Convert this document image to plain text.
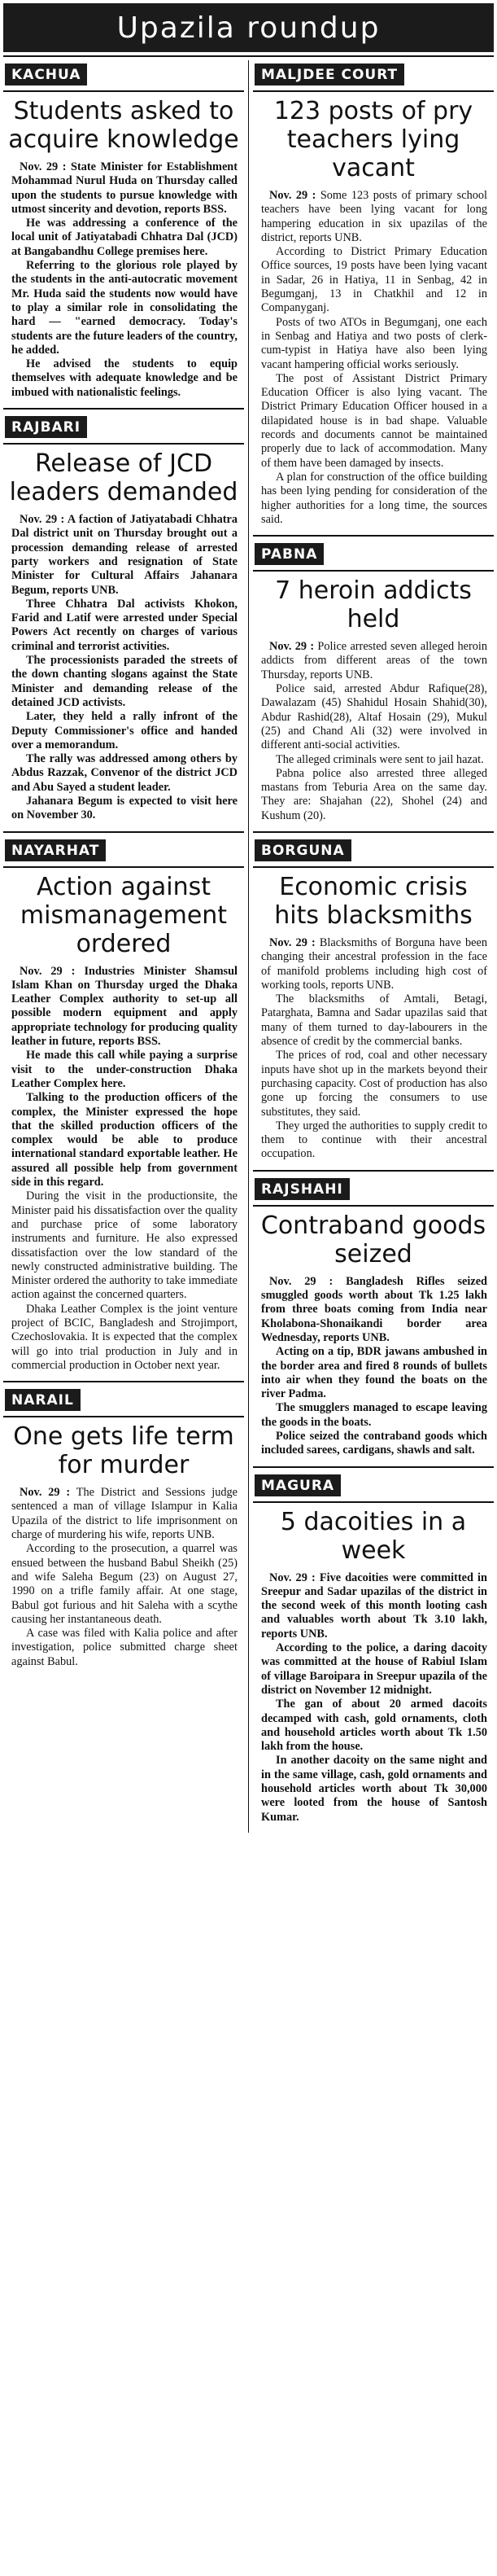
Upazila roundup
KACHUA
Students asked to acquire knowledge

Nov. 29 : State Minister for Establishment Mohammad Nurul Huda on Thursday called upon the students to pursue knowledge with utmost sincerity and devotion, reports BSS.

He was addressing a conference of the local unit of Jatiyatabadi Chhatra Dal (JCD) at Bangabandhu College premises here.

Referring to the glorious role played by the students in the anti-autocratic movement Mr. Huda said the students now would have to play a similar role in consolidating the hard — "earned democracy. Today's students are the future leaders of the country, he added.

He advised the students to equip themselves with adequate knowledge and be imbued with nationalistic feelings.

RAJBARI
Release of JCD leaders demanded

Nov. 29 : A faction of Jatiyatabadi Chhatra Dal district unit on Thursday brought out a procession demanding release of arrested party workers and resignation of State Minister for Cultural Affairs Jahanara Begum, reports UNB.

Three Chhatra Dal activists Khokon, Farid and Latif were arrested under Special Powers Act recently on charges of various criminal and terrorist activities.

The processionists paraded the streets of the down chanting slogans against the State Minister and demanding release of the detained JCD activists.

Later, they held a rally infront of the Deputy Commissioner's office and handed over a memorandum.

The rally was addressed among others by Abdus Razzak, Convenor of the district JCD and Abu Sayed a student leader.

Jahanara Begum is expected to visit here on November 30.

NAYARHAT
Action against mismanagement ordered

Nov. 29 : Industries Minister Shamsul Islam Khan on Thursday urged the Dhaka Leather Complex authority to set-up all possible modern equipment and apply appropriate technology for producing quality leather in future, reports BSS.

He made this call while paying a surprise visit to the under-construction Dhaka Leather Complex here.

Talking to the production officers of the complex, the Minister expressed the hope that the skilled production officers of the complex would be able to produce international standard exportable leather. He assured all possible help from government side in this regard.

During the visit in the productionsite, the Minister paid his dissatisfaction over the quality and purchase price of some laboratory instruments and furniture. He also expressed dissatisfaction over the low standard of the newly constructed administrative building. The Minister ordered the authority to take immediate action against the concerned quarters.

Dhaka Leather Complex is the joint venture project of BCIC, Bangladesh and Strojimport, Czechoslovakia. It is expected that the complex will go into trial production in July and in commercial production in October next year.

NARAIL
One gets life term for murder

Nov. 29 : The District and Sessions judge sentenced a man of village Islampur in Kalia Upazila of the district to life imprisonment on charge of murdering his wife, reports UNB.

According to the prosecution, a quarrel was ensued between the husband Babul Sheikh (25) and wife Saleha Begum (23) on August 27, 1990 on a trifle family affair. At one stage, Babul got furious and hit Saleha with a scythe causing her instantaneous death.

A case was filed with Kalia police and after investigation, police submitted charge sheet against Babul.

MALJDEE COURT
123 posts of pry teachers lying vacant

Nov. 29 : Some 123 posts of primary school teachers have been lying vacant for long hampering education in six upazilas of the district, reports UNB.

According to District Primary Education Office sources, 19 posts have been lying vacant in Sadar, 26 in Hatiya, 11 in Senbag, 42 in Begumganj, 13 in Chatkhil and 12 in Companyganj.

Posts of two ATOs in Begumganj, one each in Senbag and Hatiya and two posts of clerk-cum-typist in Hatiya have also been lying vacant hampering official works seriously.

The post of Assistant District Primary Education Officer is also lying vacant. The District Primary Education Officer housed in a dilapidated house is in bad shape. Valuable records and documents cannot be maintained properly due to lack of accommodation. Many of them have been damaged by insects.

A plan for construction of the office building has been lying pending for consideration of the higher authorities for a long time, the sources said.

PABNA
7 heroin addicts held

Nov. 29 : Police arrested seven alleged heroin addicts from different areas of the town Thursday, reports UNB.

Police said, arrested Abdur Rafique(28), Dawalazam (45) Shahidul Hosain Shahid(30), Abdur Rashid(28), Altaf Hosain (29), Mukul (25) and Chand Ali (32) were involved in different anti-social activities.

The alleged criminals were sent to jail hazat.

Pabna police also arrested three alleged mastans from Teburia Area on the same day. They are: Shajahan (22), Shohel (24) and Kushum (20).

BORGUNA
Economic crisis hits blacksmiths

Nov. 29 : Blacksmiths of Borguna have been changing their ancestral profession in the face of manifold problems including high cost of working tools, reports UNB.

The blacksmiths of Amtali, Betagi, Patarghata, Bamna and Sadar upazilas said that many of them turned to day-labourers in the absence of credit by the commercial banks.

The prices of rod, coal and other necessary inputs have shot up in the markets beyond their purchasing capacity. Cost of production has also gone up forcing the consumers to use substitutes, they said.

They urged the authorities to supply credit to them to continue with their ancestral occupation.

RAJSHAHI
Contraband goods seized

Nov. 29 : Bangladesh Rifles seized smuggled goods worth about Tk 1.25 lakh from three boats coming from India near Kholabona-Shonaikandi border area Wednesday, reports UNB.

Acting on a tip, BDR jawans ambushed in the border area and fired 8 rounds of bullets into air when they found the boats on the river Padma.

The smugglers managed to escape leaving the goods in the boats.

Police seized the contraband goods which included sarees, cardigans, shawls and salt.

MAGURA
5 dacoities in a week

Nov. 29 : Five dacoities were committed in Sreepur and Sadar upazilas of the district in the second week of this month looting cash and valuables worth about Tk 3.10 lakh, reports UNB.

According to the police, a daring dacoity was committed at the house of Rabiul Islam of village Baroipara in Sreepur upazila of the district on November 12 midnight.

The gan of about 20 armed dacoits decamped with cash, gold ornaments, cloth and household articles worth about Tk 1.50 lakh from the house.

In another dacoity on the same night and in the same village, cash, gold ornaments and household articles worth about Tk 30,000 were looted from the house of Santosh Kumar.
